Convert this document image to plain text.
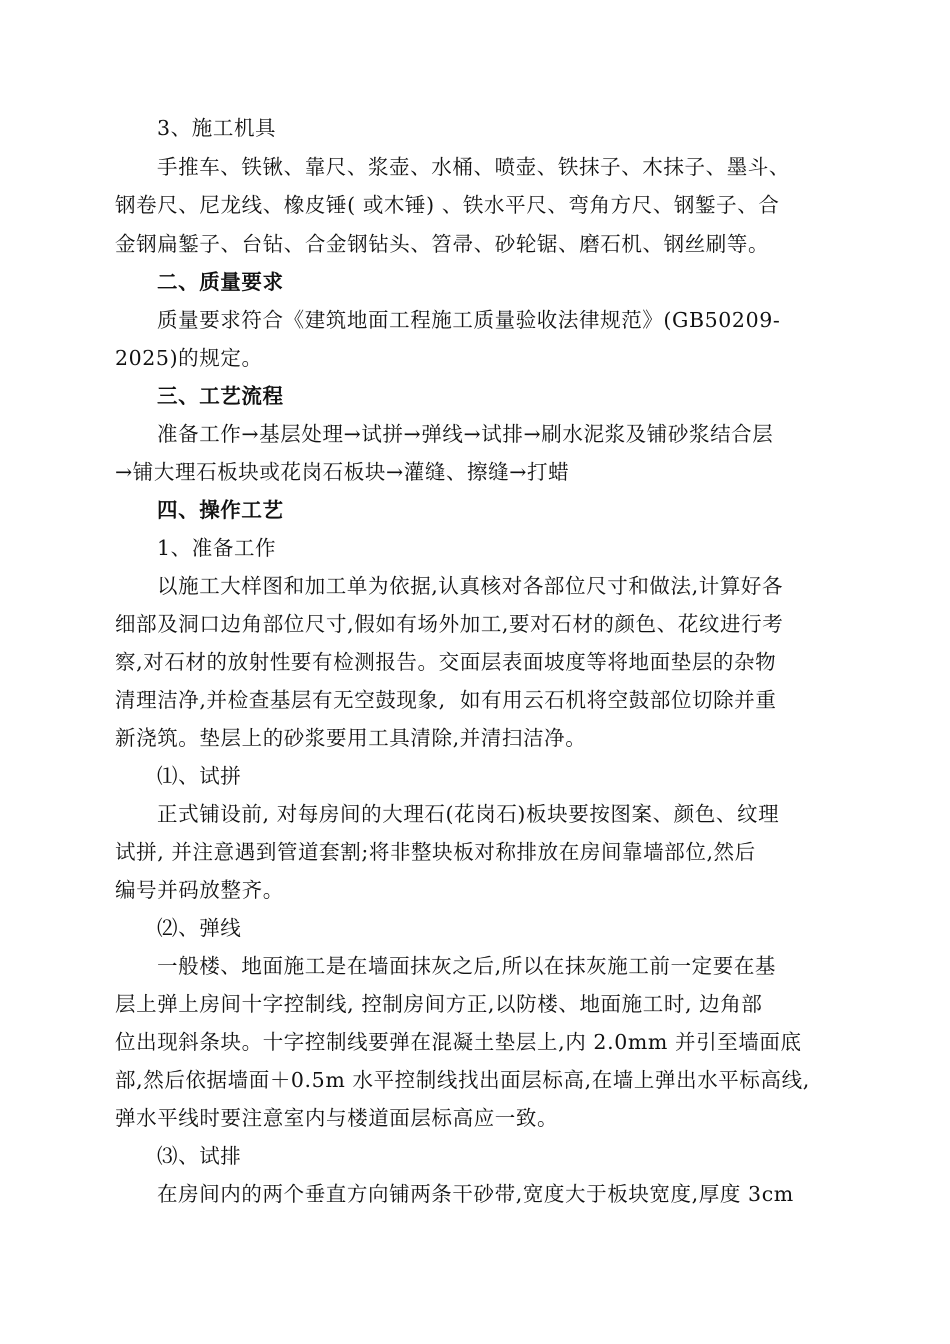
3、施工机具
手推车、铁锹、靠尺、浆壶、水桶、喷壶、铁抹子、木抹子、墨斗、
钢卷尺、尼龙线、橡皮锤( 或木锤) 、铁水平尺、弯角方尺、钢錾子、合
金钢扁錾子、台钻、合金钢钻头、笤帚、砂轮锯、磨石机、钢丝刷等。
二、质量要求
质量要求符合《建筑地面工程施工质量验收法律规范》(GB50209-
2025)的规定。
三、工艺流程
准备工作→基层处理→试拼→弹线→试排→刷水泥浆及铺砂浆结合层
→铺大理石板块或花岗石板块→灌缝、擦缝→打蜡
四、操作工艺
1、准备工作
以施工大样图和加工单为依据,认真核对各部位尺寸和做法,计算好各
细部及洞口边角部位尺寸,假如有场外加工,要对石材的颜色、花纹进行考
察,对石材的放射性要有检测报告。交面层表面坡度等将地面垫层的杂物
清理洁净,并检查基层有无空鼓现象,  如有用云石机将空鼓部位切除并重
新浇筑。垫层上的砂浆要用工具清除,并清扫洁净。
⑴、试拼
正式铺设前, 对每房间的大理石(花岗石)板块要按图案、颜色、纹理
试拼, 并注意遇到管道套割;将非整块板对称排放在房间靠墙部位,然后
编号并码放整齐。
⑵、弹线
一般楼、地面施工是在墙面抹灰之后,所以在抹灰施工前一定要在基
层上弹上房间十字控制线, 控制房间方正,以防楼、地面施工时, 边角部
位出现斜条块。十字控制线要弹在混凝土垫层上,内 2.0mm 并引至墙面底
部,然后依据墙面＋0.5m 水平控制线找出面层标高,在墙上弹出水平标高线,
弹水平线时要注意室内与楼道面层标高应一致。
⑶、试排
在房间内的两个垂直方向铺两条干砂带,宽度大于板块宽度,厚度 3cm
